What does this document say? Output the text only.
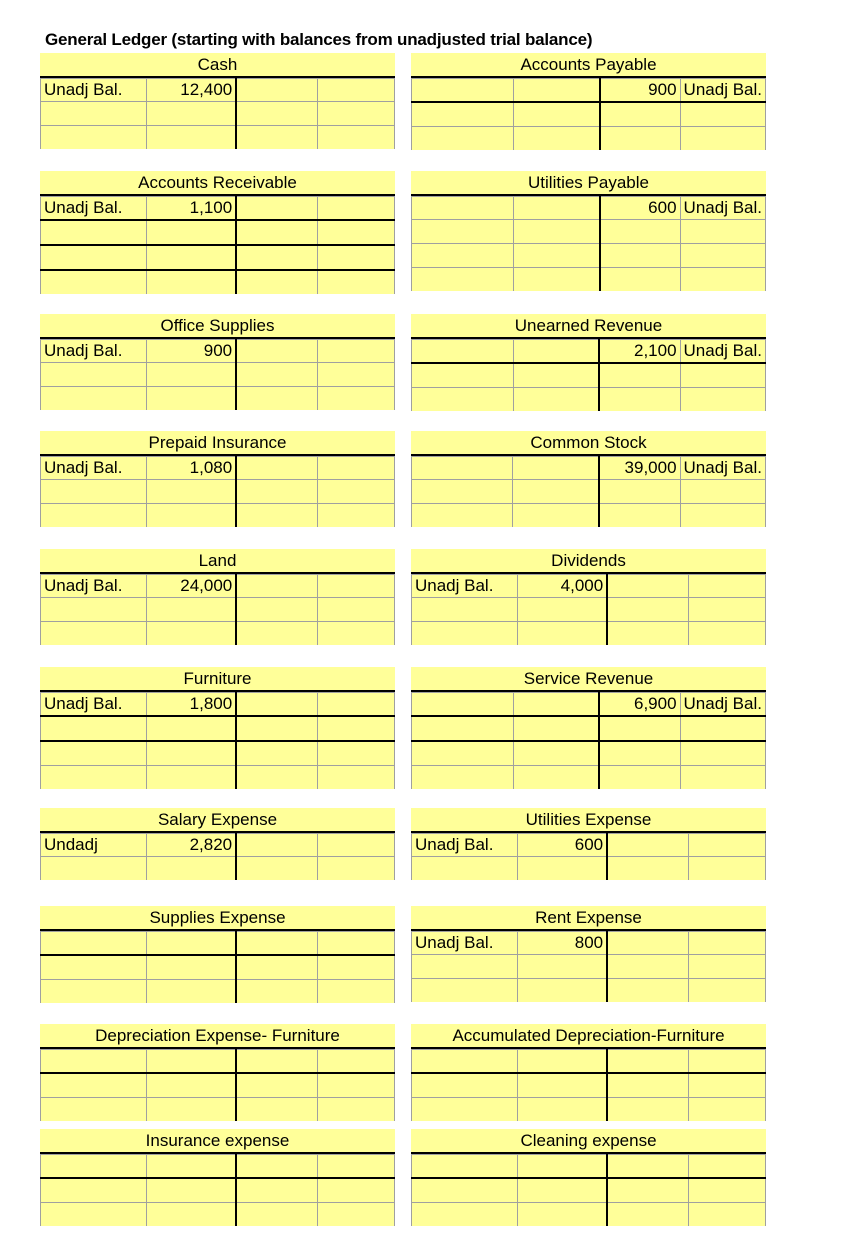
General Ledger (starting with balances from unadjusted trial balance)
Cash
Unadj Bal.	12,400		

Accounts Payable
		900	Unadj Bal.

Accounts Receivable
Unadj Bal.	1,100		

Utilities Payable
		600	Unadj Bal.

Office Supplies
Unadj Bal.	900		

Unearned Revenue
		2,100	Unadj Bal.

Prepaid Insurance
Unadj Bal.	1,080		

Common Stock
		39,000	Unadj Bal.

Land
Unadj Bal.	24,000		

Dividends
Unadj Bal.	4,000		

Furniture
Unadj Bal.	1,800		

Service Revenue
		6,900	Unadj Bal.

Salary Expense
Undadj	2,820		

Utilities Expense
Unadj Bal.	600		

Supplies Expense

				Rent Expense
Unadj Bal.	800		

Depreciation Expense- Furniture

				Accumulated Depreciation-Furniture

Insurance expense

				Cleaning expense
